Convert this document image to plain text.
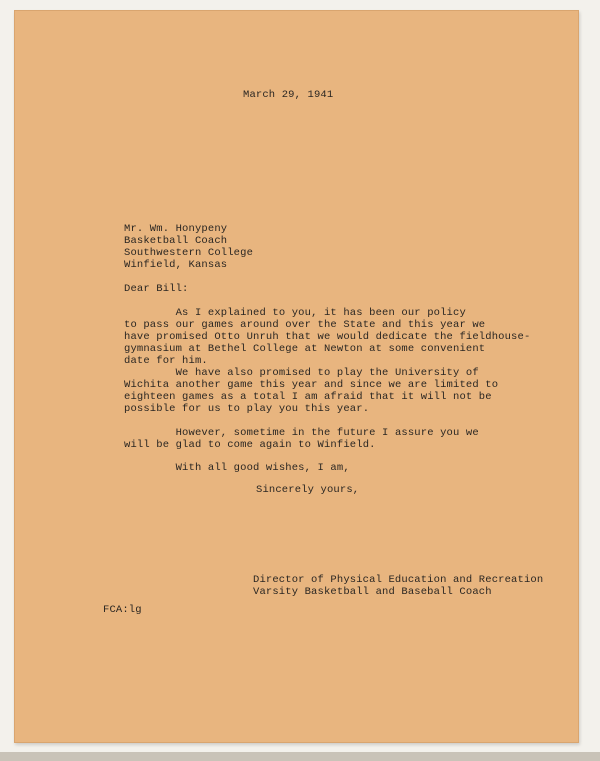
March 29, 1941
Mr. Wm. Honypeny
Basketball Coach
Southwestern College
Winfield, Kansas
Dear Bill:
As I explained to you, it has been our policy
to pass our games around over the State and this year we
have promised Otto Unruh that we would dedicate the fieldhouse-
gymnasium at Bethel College at Newton at some convenient
date for him.
We have also promised to play the University of
Wichita another game this year and since we are limited to
eighteen games as a total I am afraid that it will not be
possible for us to play you this year.
However, sometime in the future I assure you we
will be glad to come again to Winfield.
With all good wishes, I am,
Sincerely yours,
Director of Physical Education and Recreation
Varsity Basketball and Baseball Coach
FCA:lg
